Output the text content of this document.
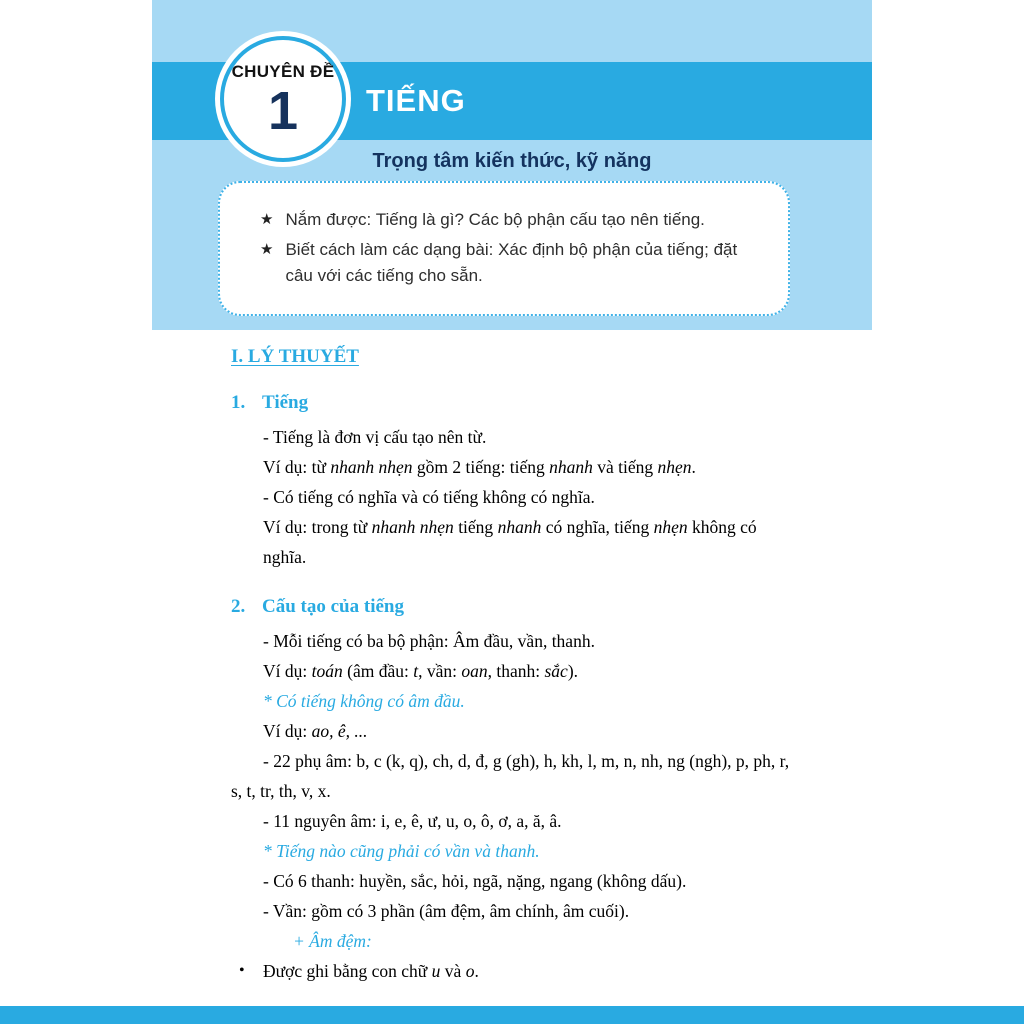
TIẾNG
CHUYÊN ĐỀ
1
Trọng tâm kiến thức, kỹ năng
★ Nắm được: Tiếng là gì? Các bộ phận cấu tạo nên tiếng.
★ Biết cách làm các dạng bài: Xác định bộ phận của tiếng; đặt câu với các tiếng cho sẵn.
I. LÝ THUYẾT
1. Tiếng

- Tiếng là đơn vị cấu tạo nên từ.

Ví dụ: từ nhanh nhẹn gồm 2 tiếng: tiếng nhanh và tiếng nhẹn.

- Có tiếng có nghĩa và có tiếng không có nghĩa.

Ví dụ: trong từ nhanh nhẹn tiếng nhanh có nghĩa, tiếng nhẹn không có nghĩa.

2. Cấu tạo của tiếng

- Mỗi tiếng có ba bộ phận: Âm đầu, vần, thanh.

Ví dụ: toán (âm đầu: t, vần: oan, thanh: sắc).

* Có tiếng không có âm đầu.

Ví dụ: ao, ê, ...

- 22 phụ âm: b, c (k, q), ch, d, đ, g (gh), h, kh, l, m, n, nh, ng (ngh), p, ph, r, s, t, tr, th, v, x.

- 11 nguyên âm: i, e, ê, ư, u, o, ô, ơ, a, ă, â.

* Tiếng nào cũng phải có vần và thanh.

- Có 6 thanh: huyền, sắc, hỏi, ngã, nặng, ngang (không dấu).

- Vần: gồm có 3 phần (âm đệm, âm chính, âm cuối).

+ Âm đệm:

• Được ghi bằng con chữ u và o.
